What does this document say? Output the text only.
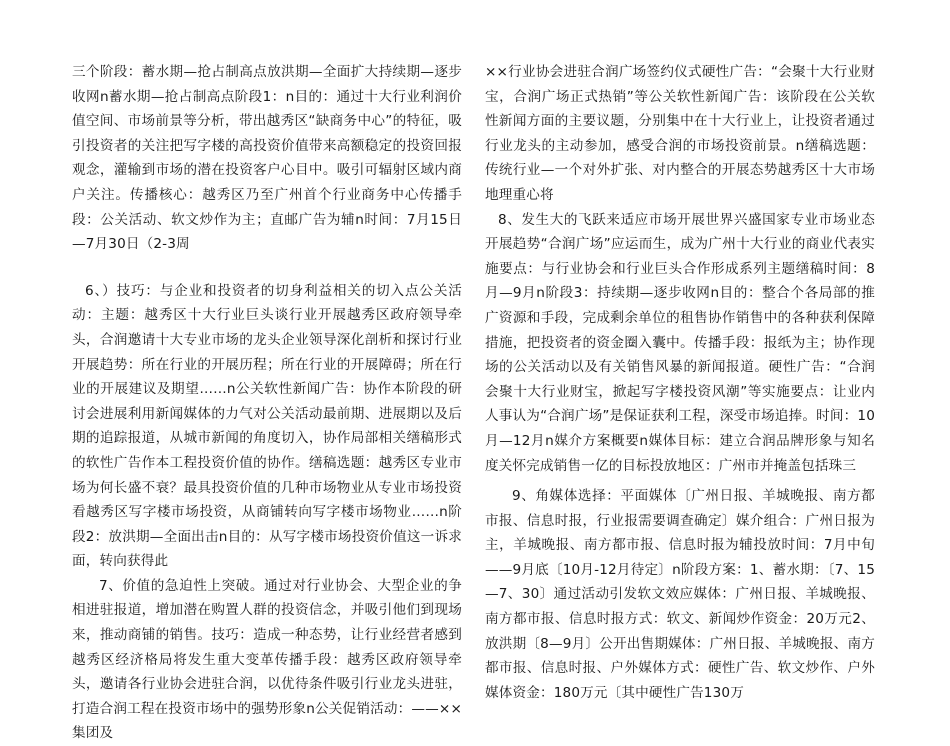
三个阶段：蓄水期—抢占制高点放洪期—全面扩大持续期—逐步收网n蓄水期—抢占制高点阶段1：n目的：通过十大行业利润价值空间、市场前景等分析，带出越秀区“缺商务中心”的特征，吸引投资者的关注把写字楼的高投资价值带来高额稳定的投资回报观念，灌输到市场的潜在投资客户心目中。吸引可辐射区域内商户关注。传播核心：越秀区乃至广州首个行业商务中心传播手段：公关活动、软文炒作为主；直邮广告为辅n时间：7月15日—7月30日（2-3周

6、）技巧：与企业和投资者的切身利益相关的切入点公关活动：主题：越秀区十大行业巨头谈行业开展越秀区政府领导牵头，合润邀请十大专业市场的龙头企业领导深化剖析和探讨行业开展趋势：所在行业的开展历程；所在行业的开展障碍；所在行业的开展建议及期望……n公关软性新闻广告：协作本阶段的研讨会进展利用新闻媒体的力气对公关活动最前期、进展期以及后期的追踪报道，从城市新闻的角度切入，协作局部相关缮稿形式的软性广告作本工程投资价值的协作。缮稿选题：越秀区专业市场为何长盛不衰？最具投资价值的几种市场物业从专业市场投资看越秀区写字楼市场投资，从商铺转向写字楼市场物业……n阶段2：放洪期—全面出击n目的：从写字楼市场投资价值这一诉求面，转向获得此

7、价值的急迫性上突破。通过对行业协会、大型企业的争相进驻报道，增加潜在购置人群的投资信念，并吸引他们到现场来，推动商铺的销售。技巧：造成一种态势，让行业经营者感到越秀区经济格局将发生重大变革传播手段：越秀区政府领导牵头，邀请各行业协会进驻合润，以优待条件吸引行业龙头进驻，打造合润工程在投资市场中的强势形象n公关促销活动：——××集团及

××行业协会进驻合润广场签约仪式硬性广告：“会聚十大行业财宝，合润广场正式热销”等公关软性新闻广告：该阶段在公关软性新闻方面的主要议题，分别集中在十大行业上，让投资者通过行业龙头的主动参加，感受合润的市场投资前景。n缮稿选题：传统行业—一个对外扩张、对内整合的开展态势越秀区十大市场地理重心将

8、发生大的飞跃来适应市场开展世界兴盛国家专业市场业态开展趋势“合润广场”应运而生，成为广州十大行业的商业代表实施要点：与行业协会和行业巨头合作形成系列主题缮稿时间：8月—9月n阶段3：持续期—逐步收网n目的：整合个各局部的推广资源和手段，完成剩余单位的租售协作销售中的各种获利保障措施，把投资者的资金圈入囊中。传播手段：报纸为主；协作现场的公关活动以及有关销售风暴的新闻报道。硬性广告：“合润会聚十大行业财宝，掀起写字楼投资风潮”等实施要点：让业内人事认为“合润广场”是保证获利工程，深受市场追捧。时间：10月—12月n媒介方案概要n媒体目标：建立合润品牌形象与知名度关怀完成销售一亿的目标投放地区：广州市并掩盖包括珠三

9、角媒体选择：平面媒体〔广州日报、羊城晚报、南方都市报、信息时报，行业报需要调查确定〕媒介组合：广州日报为主，羊城晚报、南方都市报、信息时报为辅投放时间：7月中旬——9月底〔10月-12月待定〕n阶段方案：1、蓄水期：〔7、15—7、30〕通过活动引发软文效应媒体：广州日报、羊城晚报、南方都市报、信息时报方式：软文、新闻炒作资金：20万元2、放洪期〔8—9月〕公开出售期媒体：广州日报、羊城晚报、南方都市报、信息时报、户外媒体方式：硬性广告、软文炒作、户外媒体资金：180万元〔其中硬性广告130万
